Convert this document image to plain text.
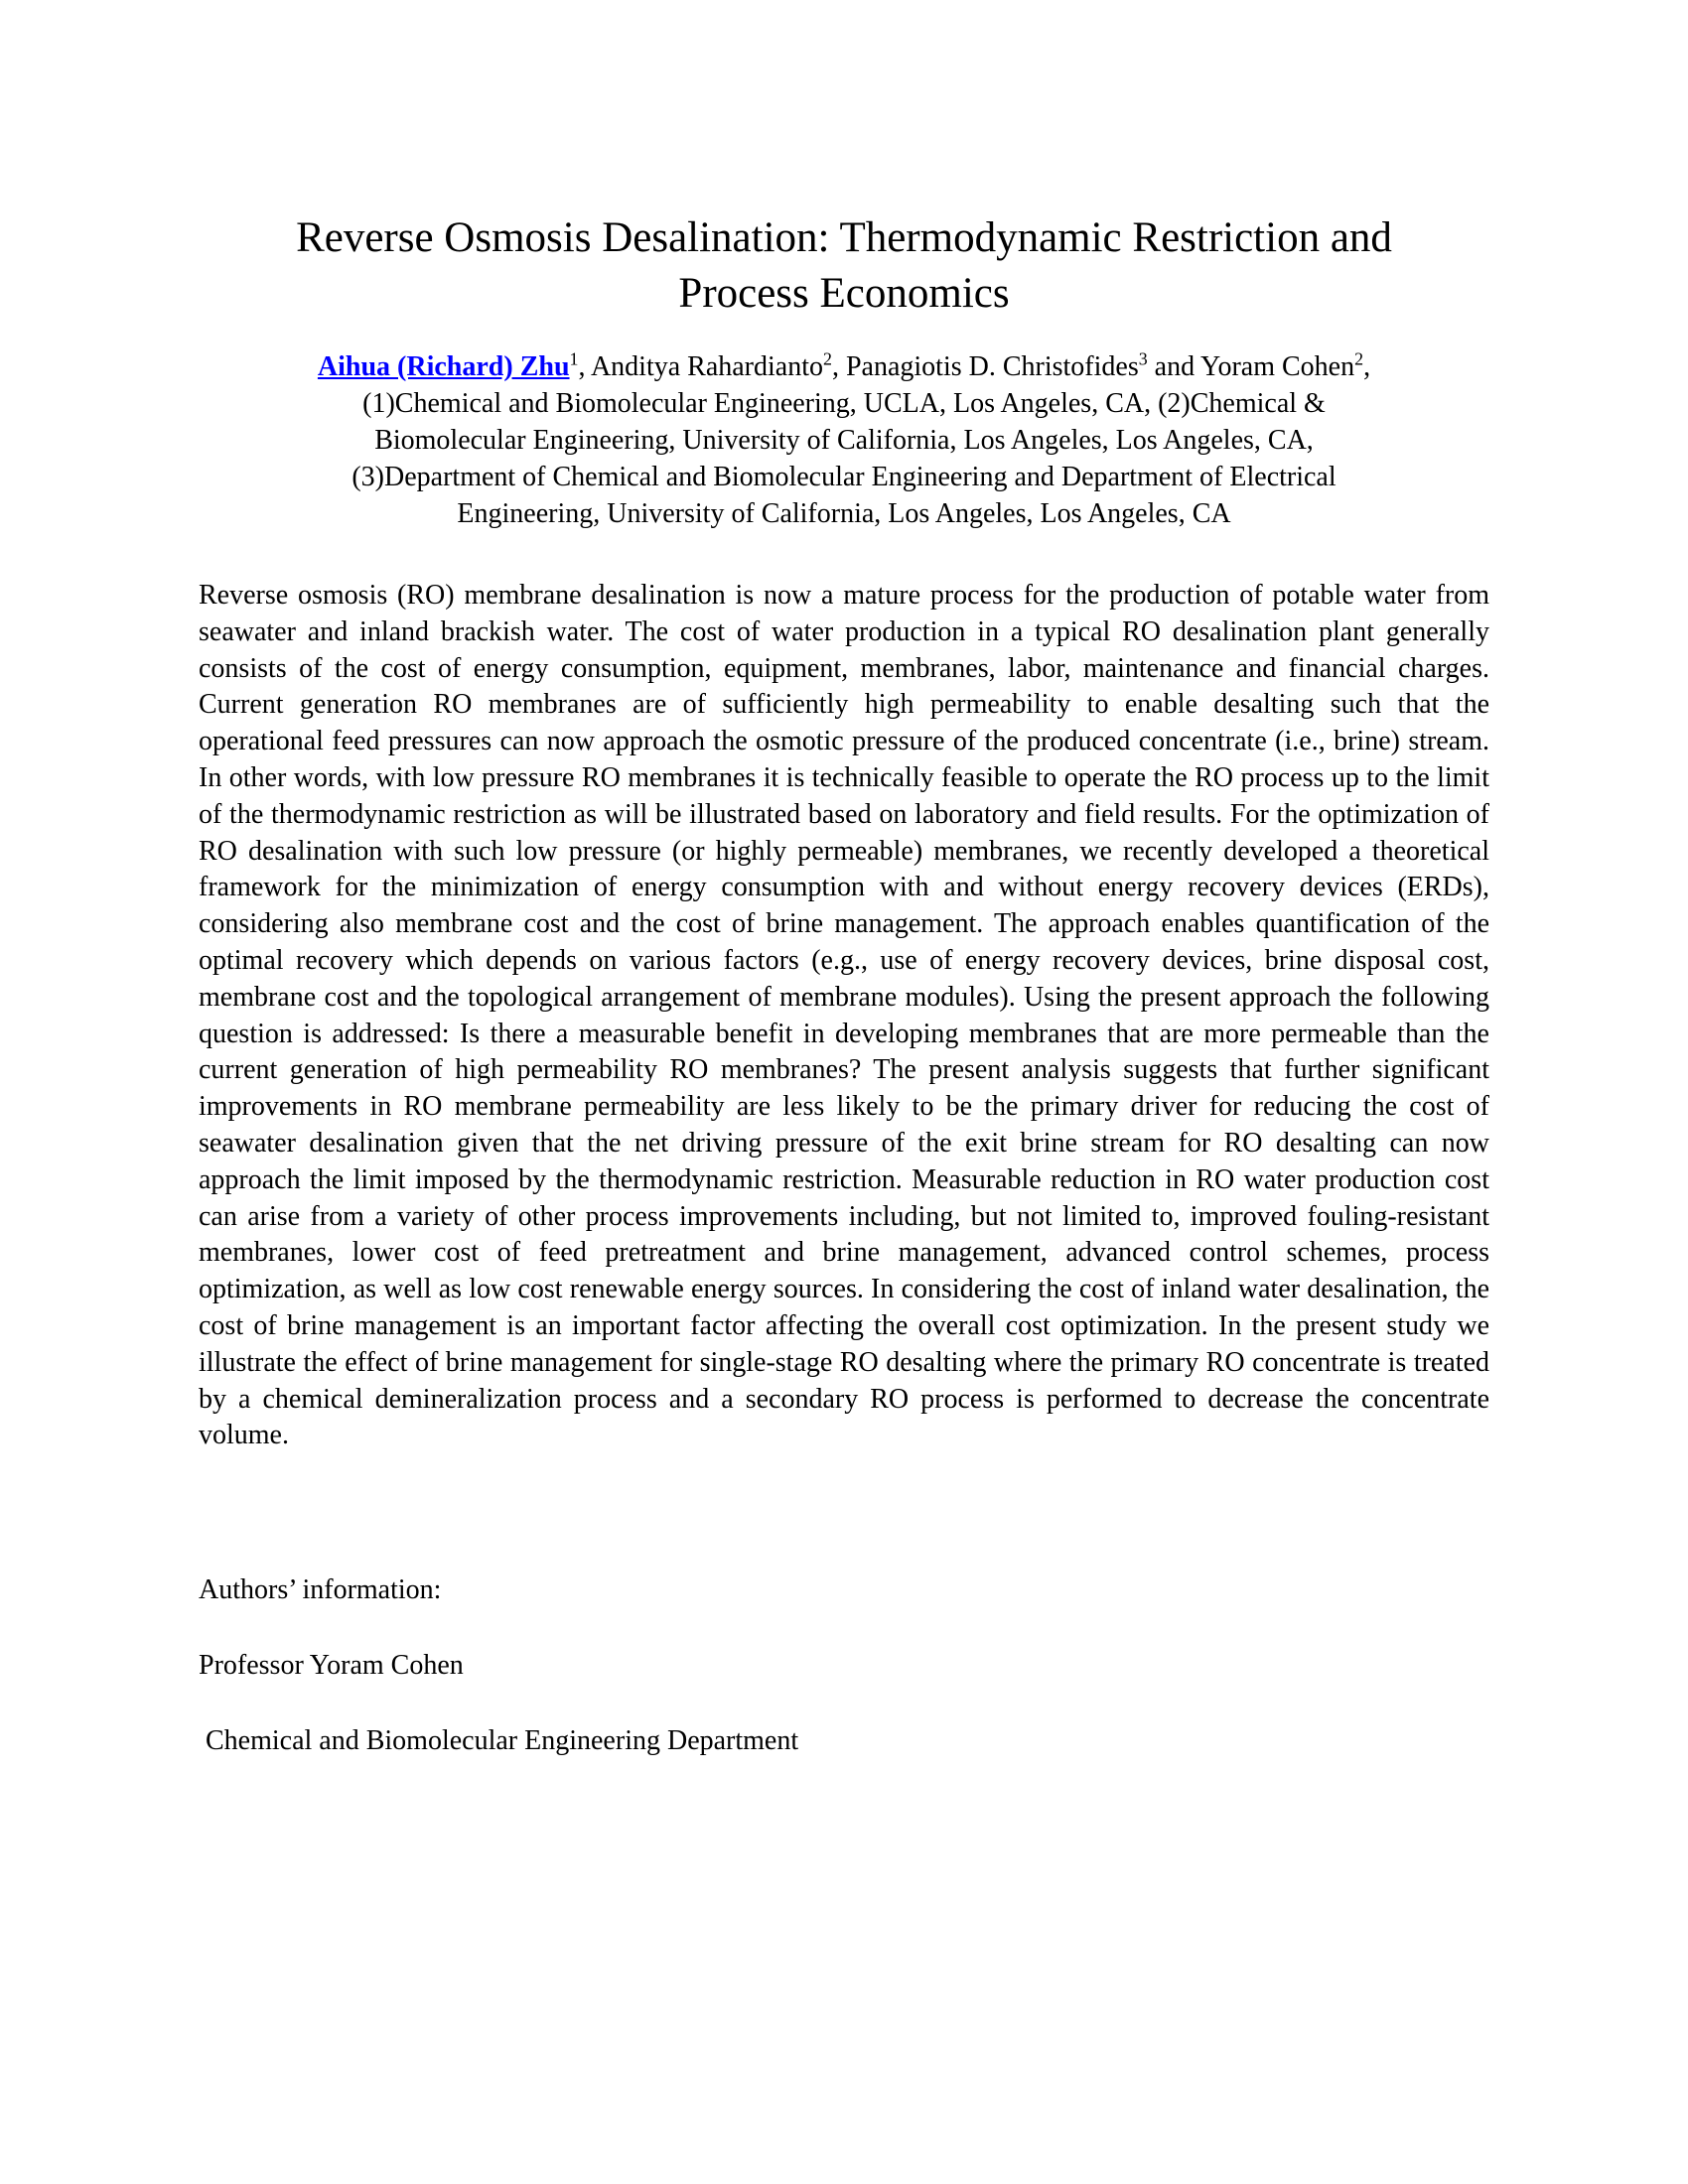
Reverse Osmosis Desalination: Thermodynamic Restriction and
Process Economics
Aihua (Richard) Zhu$^1$, Anditya Rahardianto$^2$, Panagiotis D. Christofides$^3$ and Yoram Cohen$^2$,
(1)Chemical and Biomolecular Engineering, UCLA, Los Angeles, CA, (2)Chemical &
Biomolecular Engineering, University of California, Los Angeles, Los Angeles, CA,
(3)Department of Chemical and Biomolecular Engineering and Department of Electrical
Engineering, University of California, Los Angeles, Los Angeles, CA
Reverse osmosis (RO) membrane desalination is now a mature process for the production of potable water from seawater and inland brackish water. The cost of water production in a typical RO desalination plant generally consists of the cost of energy consumption, equipment, membranes, labor, maintenance and financial charges. Current generation RO membranes are of sufficiently high permeability to enable desalting such that the operational feed pressures can now approach the osmotic pressure of the produced concentrate (i.e., brine) stream. In other words, with low pressure RO membranes it is technically feasible to operate the RO process up to the limit of the thermodynamic restriction as will be illustrated based on laboratory and field results. For the optimization of RO desalination with such low pressure (or highly permeable) membranes, we recently developed a theoretical framework for the minimization of energy consumption with and without energy recovery devices (ERDs), considering also membrane cost and the cost of brine management. The approach enables quantification of the optimal recovery which depends on various factors (e.g., use of energy recovery devices, brine disposal cost, membrane cost and the topological arrangement of membrane modules). Using the present approach the following question is addressed: Is there a measurable benefit in developing membranes that are more permeable than the current generation of high permeability RO membranes? The present analysis suggests that further significant improvements in RO membrane permeability are less likely to be the primary driver for reducing the cost of seawater desalination given that the net driving pressure of the exit brine stream for RO desalting can now approach the limit imposed by the thermodynamic restriction. Measurable reduction in RO water production cost can arise from a variety of other process improvements including, but not limited to, improved fouling-resistant membranes, lower cost of feed pretreatment and brine management, advanced control schemes, process optimization, as well as low cost renewable energy sources. In considering the cost of inland water desalination, the cost of brine management is an important factor affecting the overall cost optimization. In the present study we illustrate the effect of brine management for single-stage RO desalting where the primary RO concentrate is treated by a chemical demineralization process and a secondary RO process is performed to decrease the concentrate volume.
Authors’ information:
Professor Yoram Cohen
Chemical and Biomolecular Engineering Department
